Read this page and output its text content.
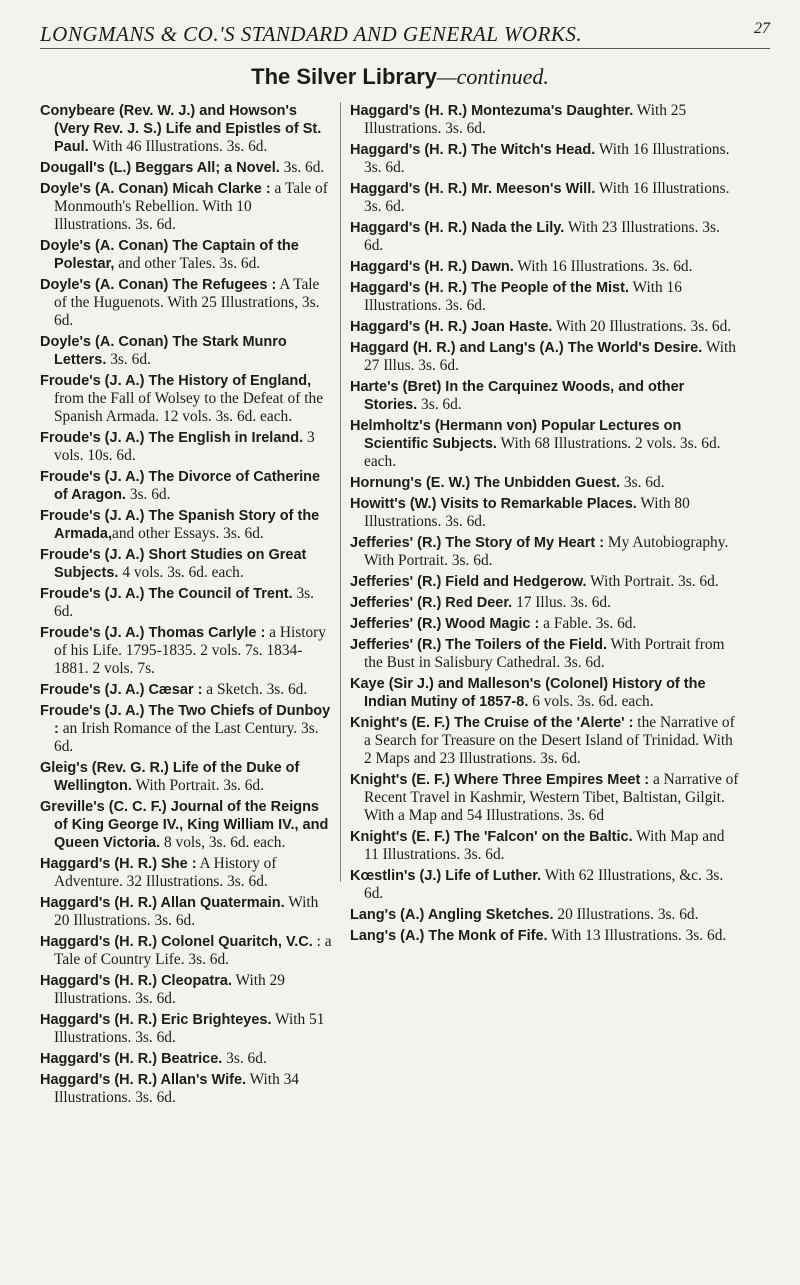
LONGMANS & CO.'S STANDARD AND GENERAL WORKS.	27
The Silver Library—continued.
Conybeare (Rev. W. J.) and Howson's (Very Rev. J. S.) Life and Epistles of St. Paul. With 46 Illustrations. 3s. 6d.
Dougall's (L.) Beggars All; a Novel. 3s. 6d.
Doyle's (A. Conan) Micah Clarke : a Tale of Monmouth's Rebellion. With 10 Illustrations. 3s. 6d.
Doyle's (A. Conan) The Captain of the Polestar, and other Tales. 3s. 6d.
Doyle's (A. Conan) The Refugees : A Tale of the Huguenots. With 25 Illustrations, 3s. 6d.
Doyle's (A. Conan) The Stark Munro Letters. 3s. 6d.
Froude's (J. A.) The History of England, from the Fall of Wolsey to the Defeat of the Spanish Armada. 12 vols. 3s. 6d. each.
Froude's (J. A.) The English in Ireland. 3 vols. 10s. 6d.
Froude's (J. A.) The Divorce of Catherine of Aragon. 3s. 6d.
Froude's (J. A.) The Spanish Story of the Armada,and other Essays. 3s. 6d.
Froude's (J. A.) Short Studies on Great Subjects. 4 vols. 3s. 6d. each.
Froude's (J. A.) The Council of Trent. 3s. 6d.
Froude's (J. A.) Thomas Carlyle : a History of his Life. 1795-1835. 2 vols. 7s. 1834-1881. 2 vols. 7s.
Froude's (J. A.) Cæsar : a Sketch. 3s. 6d.
Froude's (J. A.) The Two Chiefs of Dunboy : an Irish Romance of the Last Century. 3s. 6d.
Gleig's (Rev. G. R.) Life of the Duke of Wellington. With Portrait. 3s. 6d.
Greville's (C. C. F.) Journal of the Reigns of King George IV., King William IV., and Queen Victoria. 8 vols, 3s. 6d. each.
Haggard's (H. R.) She : A History of Adventure. 32 Illustrations. 3s. 6d.
Haggard's (H. R.) Allan Quatermain. With 20 Illustrations. 3s. 6d.
Haggard's (H. R.) Colonel Quaritch, V.C. : a Tale of Country Life. 3s. 6d.
Haggard's (H. R.) Cleopatra. With 29 Illustrations. 3s. 6d.
Haggard's (H. R.) Eric Brighteyes. With 51 Illustrations. 3s. 6d.
Haggard's (H. R.) Beatrice. 3s. 6d.
Haggard's (H. R.) Allan's Wife. With 34 Illustrations. 3s. 6d.
Haggard's (H. R.) Montezuma's Daughter. With 25 Illustrations. 3s. 6d.
Haggard's (H. R.) The Witch's Head. With 16 Illustrations. 3s. 6d.
Haggard's (H. R.) Mr. Meeson's Will. With 16 Illustrations. 3s. 6d.
Haggard's (H. R.) Nada the Lily. With 23 Illustrations. 3s. 6d.
Haggard's (H. R.) Dawn. With 16 Illustrations. 3s. 6d.
Haggard's (H. R.) The People of the Mist. With 16 Illustrations. 3s. 6d.
Haggard's (H. R.) Joan Haste. With 20 Illustrations. 3s. 6d.
Haggard (H. R.) and Lang's (A.) The World's Desire. With 27 Illus. 3s. 6d.
Harte's (Bret) In the Carquinez Woods, and other Stories. 3s. 6d.
Helmholtz's (Hermann von) Popular Lectures on Scientific Subjects. With 68 Illustrations. 2 vols. 3s. 6d. each.
Hornung's (E. W.) The Unbidden Guest. 3s. 6d.
Howitt's (W.) Visits to Remarkable Places. With 80 Illustrations. 3s. 6d.
Jefferies' (R.) The Story of My Heart : My Autobiography. With Portrait. 3s. 6d.
Jefferies' (R.) Field and Hedgerow. With Portrait. 3s. 6d.
Jefferies' (R.) Red Deer. 17 Illus. 3s. 6d.
Jefferies' (R.) Wood Magic : a Fable. 3s. 6d.
Jefferies' (R.) The Toilers of the Field. With Portrait from the Bust in Salisbury Cathedral. 3s. 6d.
Kaye (Sir J.) and Malleson's (Colonel) History of the Indian Mutiny of 1857-8. 6 vols. 3s. 6d. each.
Knight's (E. F.) The Cruise of the 'Alerte' : the Narrative of a Search for Treasure on the Desert Island of Trinidad. With 2 Maps and 23 Illustrations. 3s. 6d.
Knight's (E. F.) Where Three Empires Meet : a Narrative of Recent Travel in Kashmir, Western Tibet, Baltistan, Gilgit. With a Map and 54 Illustrations. 3s. 6d
Knight's (E. F.) The 'Falcon' on the Baltic. With Map and 11 Illustrations. 3s. 6d.
Kœstlin's (J.) Life of Luther. With 62 Illustrations, &c. 3s. 6d.
Lang's (A.) Angling Sketches. 20 Illustrations. 3s. 6d.
Lang's (A.) The Monk of Fife. With 13 Illustrations. 3s. 6d.
